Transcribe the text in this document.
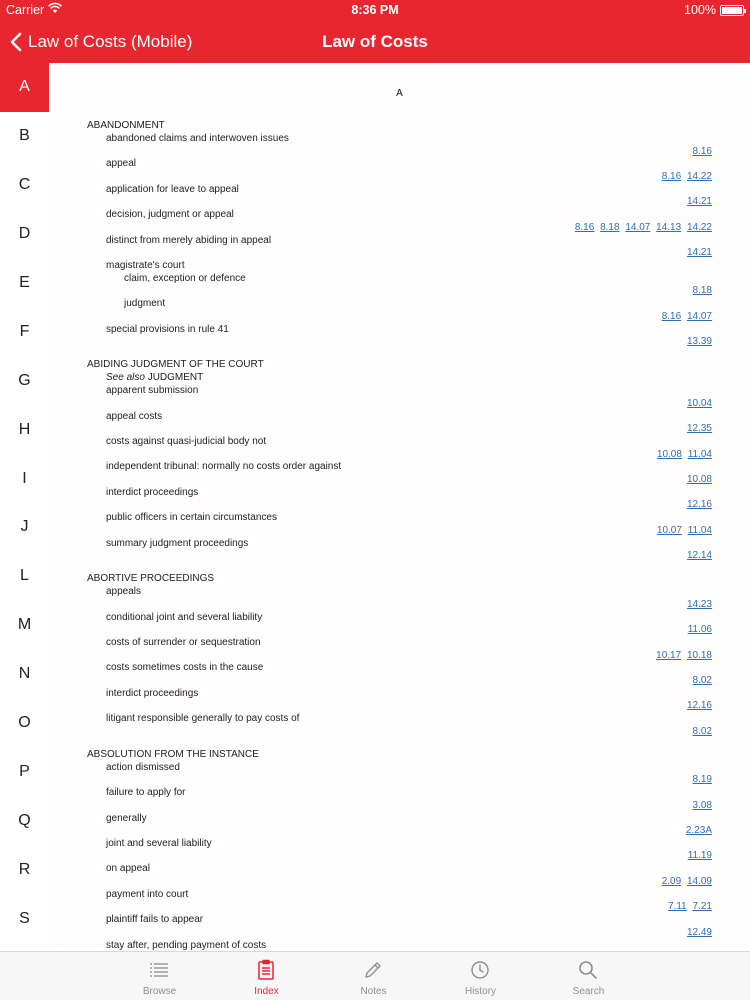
Carrier	8:36 PM	100%
Law of Costs (Mobile)	Law of Costs
A
B
C
D
E
F
G
H
I
J
L
M
N
O
P
Q
R
S
A
ABANDONMENT
abandoned claims and interwoven issues
8.16
appeal
8.16 14.22
application for leave to appeal
14.21
decision, judgment or appeal
8.16 8.18 14.07 14.13 14.22
distinct from merely abiding in appeal
14.21
magistrate's court
claim, exception or defence
8.18
judgment
8.16 14.07
special provisions in rule 41
13.39
ABIDING JUDGMENT OF THE COURT
See also JUDGMENT
apparent submission
10.04
appeal costs
12.35
costs against quasi-judicial body not
10.08 11.04
independent tribunal: normally no costs order against
10.08
interdict proceedings
12.16
public officers in certain circumstances
10.07 11.04
summary judgment proceedings
12.14
ABORTIVE PROCEEDINGS
appeals
14.23
conditional joint and several liability
11.06
costs of surrender or sequestration
10.17 10.18
costs sometimes costs in the cause
8.02
interdict proceedings
12.16
litigant responsible generally to pay costs of
8.02
ABSOLUTION FROM THE INSTANCE
action dismissed
8.19
failure to apply for
3.08
generally
2.23A
joint and several liability
11.19
on appeal
2.09 14.09
payment into court
7.11 7.21
plaintiff fails to appear
12.49
stay after, pending payment of costs
Browse	Index	Notes	History	Search
